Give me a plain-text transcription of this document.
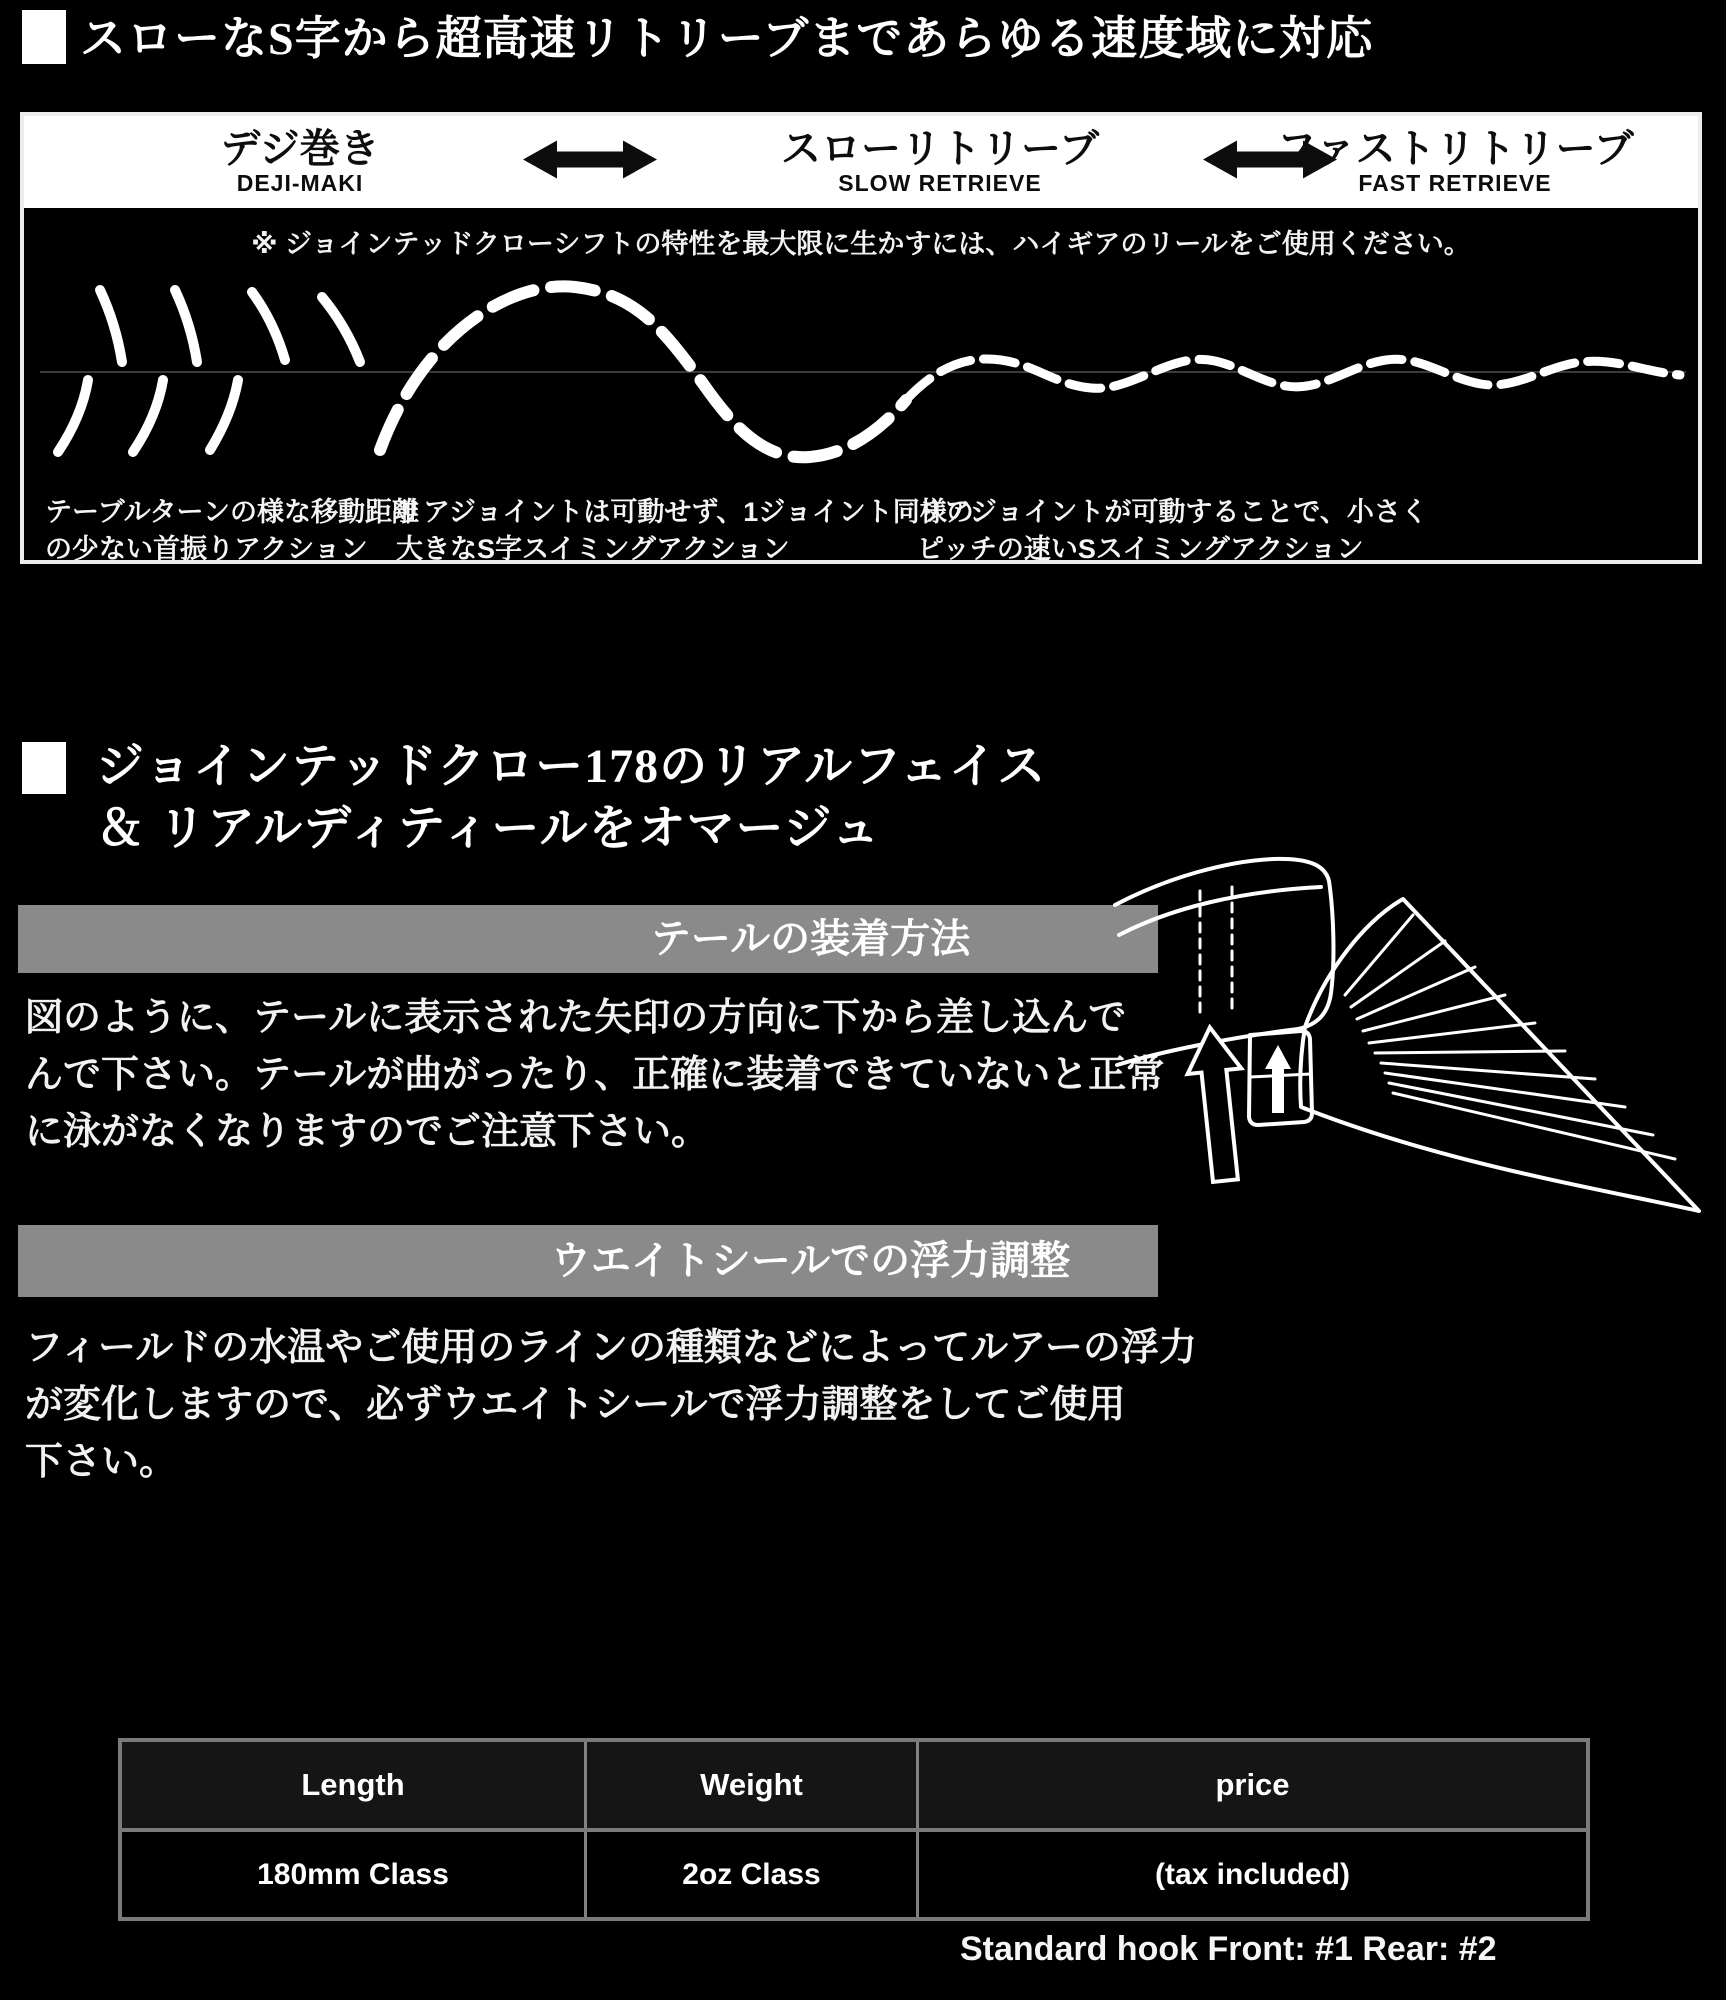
スローなS字から超高速リトリーブまであらゆる速度域に対応
デジ巻き
DEJI-MAKI
スローリトリーブ
SLOW RETRIEVE
ファストリトリーブ
FAST RETRIEVE
※ ジョインテッドクローシフトの特性を最大限に生かすには、ハイギアのリールをご使用ください。
テーブルターンの様な移動距離
の少ない首振りアクション
リアジョイントは可動せず、1ジョイント同様の
大きなS字スイミングアクション
リアジョイントが可動することで、小さく
ピッチの速いSスイミングアクション
ジョインテッドクロー178のリアルフェイス
＆ リアルディティールをオマージュ
テールの装着方法
図のように、テールに表示された矢印の方向に下から差し込んで
んで下さい。テールが曲がったり、正確に装着できていないと正常
に泳がなくなりますのでご注意下さい。
ウエイトシールでの浮力調整
フィールドの水温やご使用のラインの種類などによってルアーの浮力
が変化しますので、必ずウエイトシールで浮力調整をしてご使用
下さい。
Length	Weight	price
180mm Class	2oz Class	(tax included)
Standard hook Front: #1 Rear: #2
